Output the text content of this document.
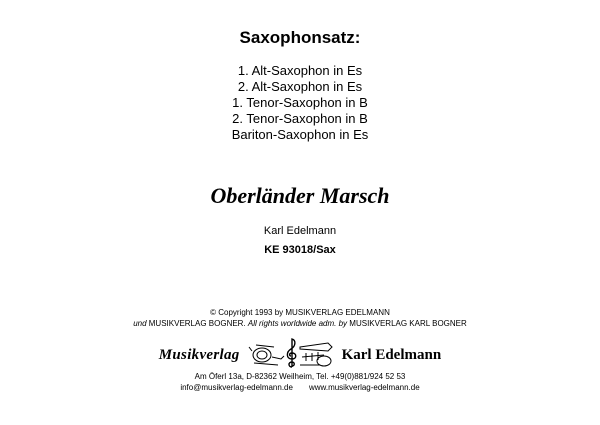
Saxophonsatz:
1. Alt-Saxophon in Es
2. Alt-Saxophon in Es
1. Tenor-Saxophon in B
2. Tenor-Saxophon in B
Bariton-Saxophon in Es
Oberländer Marsch
Karl Edelmann
KE 93018/Sax
© Copyright 1993 by MUSIKVERLAG EDELMANN
und MUSIKVERLAG BOGNER. All rights worldwide adm. by MUSIKVERLAG KARL BOGNER
Musikverlag	Karl Edelmann
Am Öferl 13a, D-82362 Weilheim, Tel. +49(0)881/924 52 53
info@musikverlag-edelmann.de www.musikverlag-edelmann.de
